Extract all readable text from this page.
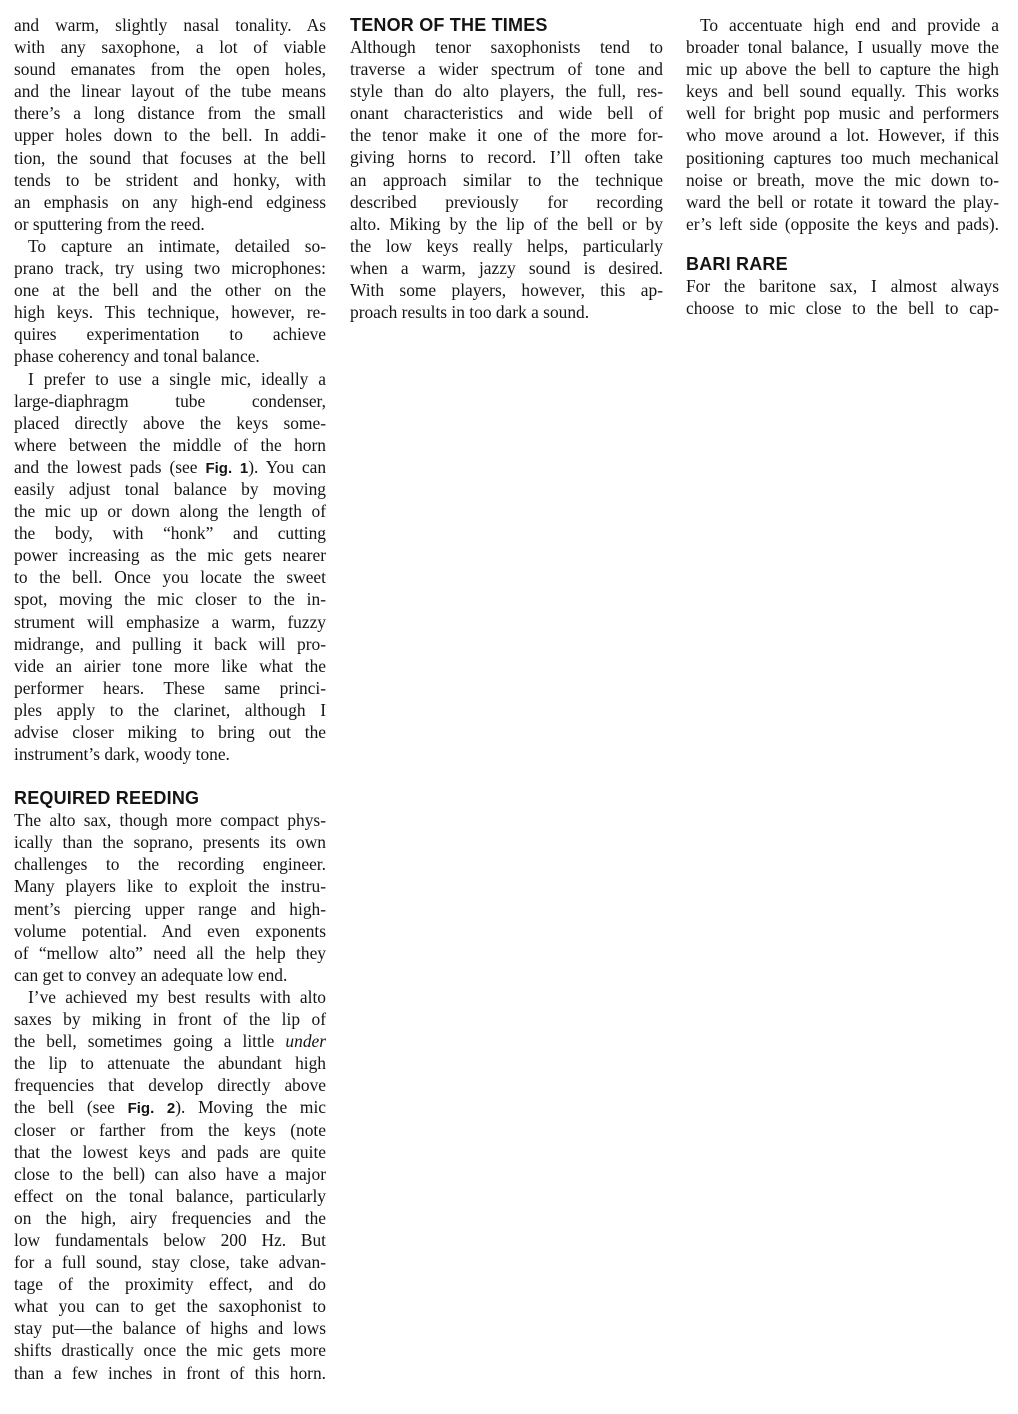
and warm, slightly nasal tonality. As
with any saxophone, a lot of viable
sound emanates from the open holes,
and the linear layout of the tube means
there’s a long distance from the small
upper holes down to the bell. In addi-
tion, the sound that focuses at the bell
tends to be strident and honky, with
an emphasis on any high-end edginess
or sputtering from the reed.
To capture an intimate, detailed so-
prano track, try using two microphones:
one at the bell and the other on the
high keys. This technique, however, re-
quires experimentation to achieve
phase coherency and tonal balance.
I prefer to use a single mic, ideally a
large-diaphragm tube condenser,
placed directly above the keys some-
where between the middle of the horn
and the lowest pads (see Fig. 1). You can
easily adjust tonal balance by moving
the mic up or down along the length of
the body, with “honk” and cutting
power increasing as the mic gets nearer
to the bell. Once you locate the sweet
spot, moving the mic closer to the in-
strument will emphasize a warm, fuzzy
midrange, and pulling it back will pro-
vide an airier tone more like what the
performer hears. These same princi-
ples apply to the clarinet, although I
advise closer miking to bring out the
instrument’s dark, woody tone.
REQUIRED REEDING
The alto sax, though more compact phys-
ically than the soprano, presents its own
challenges to the recording engineer.
Many players like to exploit the instru-
ment’s piercing upper range and high-
volume potential. And even exponents
of “mellow alto” need all the help they
can get to convey an adequate low end.
I’ve achieved my best results with alto
saxes by miking in front of the lip of
the bell, sometimes going a little under
the lip to attenuate the abundant high
frequencies that develop directly above
the bell (see Fig. 2). Moving the mic
closer or farther from the keys (note
that the lowest keys and pads are quite
close to the bell) can also have a major
effect on the tonal balance, particularly
on the high, airy frequencies and the
low fundamentals below 200 Hz. But
for a full sound, stay close, take advan-
tage of the proximity effect, and do
what you can to get the saxophonist to
stay put—the balance of highs and lows
shifts drastically once the mic gets more
than a few inches in front of this horn.
TENOR OF THE TIMES
Although tenor saxophonists tend to
traverse a wider spectrum of tone and
style than do alto players, the full, res-
onant characteristics and wide bell of
the tenor make it one of the more for-
giving horns to record. I’ll often take
an approach similar to the technique
described previously for recording
alto. Miking by the lip of the bell or by
the low keys really helps, particularly
when a warm, jazzy sound is desired.
With some players, however, this ap-
proach results in too dark a sound.
To accentuate high end and provide a
broader tonal balance, I usually move the
mic up above the bell to capture the high
keys and bell sound equally. This works
well for bright pop music and performers
who move around a lot. However, if this
positioning captures too much mechanical
noise or breath, move the mic down to-
ward the bell or rotate it toward the play-
er’s left side (opposite the keys and pads).
BARI RARE
For the baritone sax, I almost always
choose to mic close to the bell to cap-
